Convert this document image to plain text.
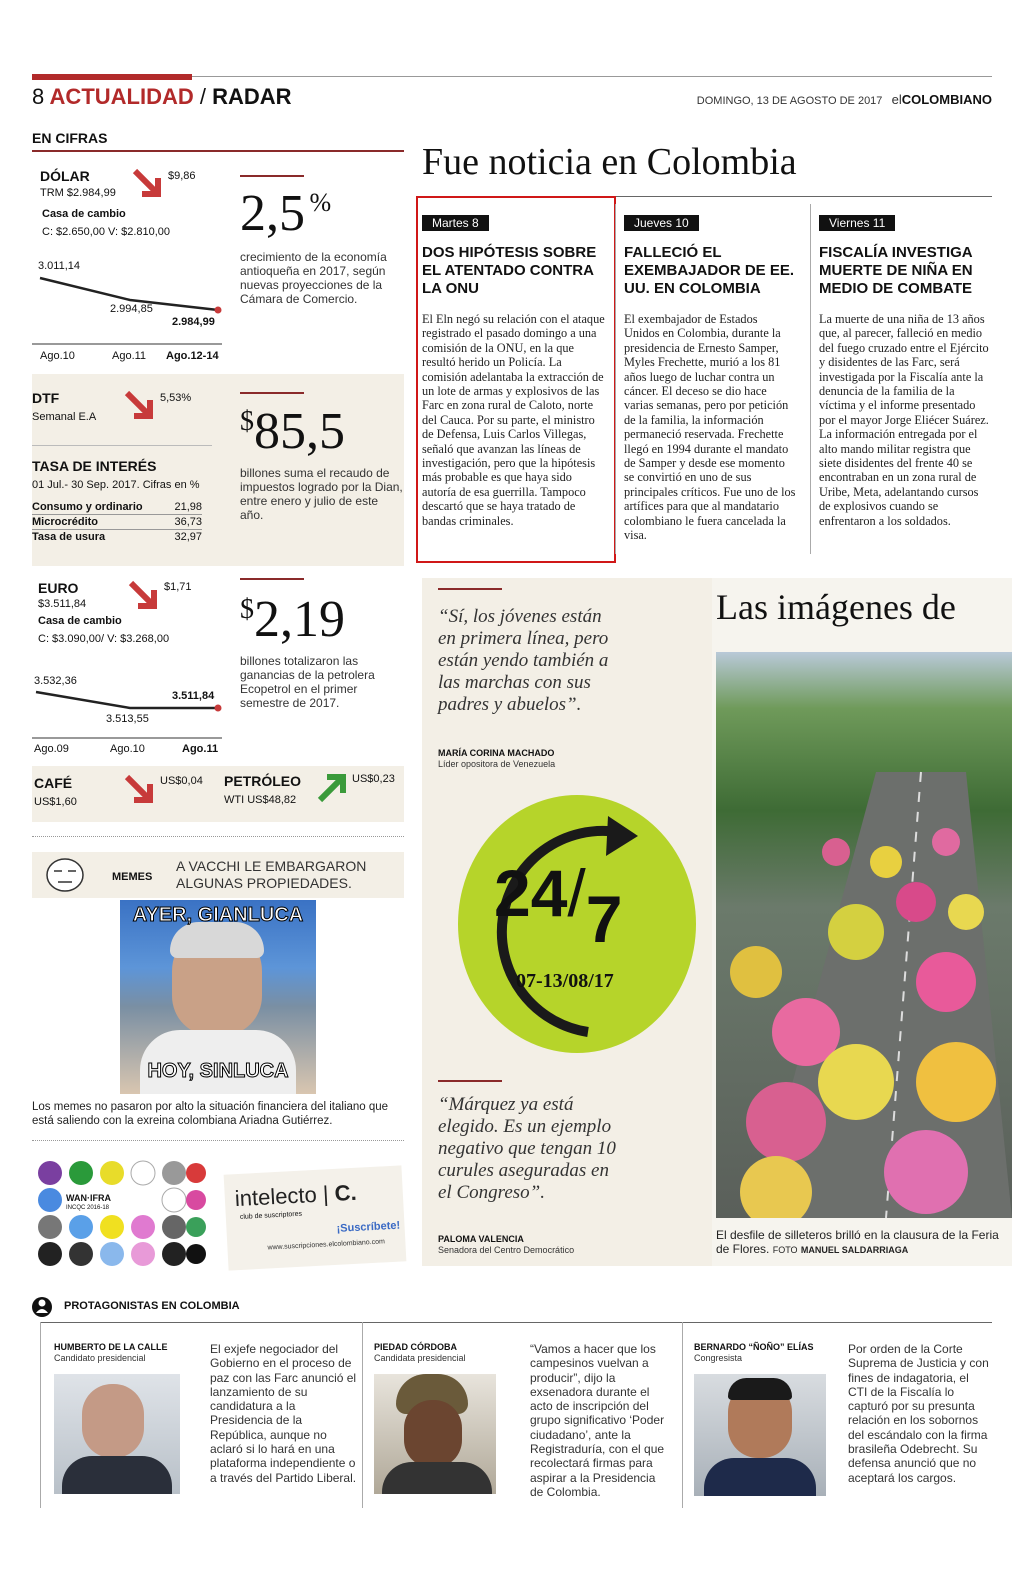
8 ACTUALIDAD / RADAR	DOMINGO, 13 DE AGOSTO DE 2017 elCOLOMBIANO
EN CIFRAS
DÓLAR
TRM $2.984,99
$9,86
Casa de cambio
C: $2.650,00 V: $2.810,00
3.011,14
2.994,85
2.984,99
Ago.10	Ago.11 Ago.12-14
2,5 %
crecimiento de la economía antioqueña en 2017, según nuevas proyecciones de la Cámara de Comercio.
DTF
Semanal E.A
5,53%
TASA DE INTERÉS
01 Jul.- 30 Sep. 2017. Cifras en %
Consumo y ordinario	21,98
Microcrédito	36,73
Tasa de usura	32,97
$85,5
billones suma el recaudo de impuestos logrado por la Dian, entre enero y julio de este año.
EURO
$3.511,84
$1,71
Casa de cambio
C: $3.090,00/ V: $3.268,00
3.532,36
3.513,55
3.511,84
Ago.09	Ago.10	Ago.11
$2,19
billones totalizaron las ganancias de la petrolera Ecopetrol en el primer semestre de 2017.
CAFÉ
US$1,60
US$0,04 PETRÓLEO
WTI US$48,82
US$0,23
MEMES
A VACCHI LE EMBARGARON ALGUNAS PROPIEDADES.
AYER, GIANLUCA
HOY, SINLUCA
Los memes no pasaron por alto la situación financiera del italiano que está saliendo con la exreina colombiana Ariadna Gutiérrez.
WAN·IFRA
INCQC 2016-18	intelecto | C.
club de suscriptores
¡Suscríbete!
www.suscripciones.elcolombiano.com
Fue noticia en Colombia
Martes 8
DOS HIPÓTESIS SOBRE EL ATENTADO CONTRA LA ONU
El Eln negó su relación con el ataque registrado el pasado domingo a una comisión de la ONU, en la que resultó herido un Policía. La comisión adelantaba la extracción de un lote de armas y explosivos de las Farc en zona rural de Caloto, norte del Cauca. Por su parte, el ministro de Defensa, Luis Carlos Villegas, señaló que avanzan las líneas de investigación, pero que la hipótesis más probable es que haya sido autoría de esa guerrilla. Tampoco descartó que se haya tratado de bandas criminales.
Jueves 10
FALLECIÓ EL EXEMBAJADOR DE EE. UU. EN COLOMBIA
El exembajador de Estados Unidos en Colombia, durante la presidencia de Ernesto Samper, Myles Frechette, murió a los 81 años luego de luchar contra un cáncer. El deceso se dio hace varias semanas, pero por petición de la familia, la información permaneció reservada. Frechette llegó en 1994 durante el mandato de Samper y desde ese momento se convirtió en uno de sus principales críticos. Fue uno de los artífices para que al mandatario colombiano le fuera cancelada la visa.
Viernes 11
FISCALÍA INVESTIGA MUERTE DE NIÑA EN MEDIO DE COMBATE
La muerte de una niña de 13 años que, al parecer, falleció en medio del fuego cruzado entre el Ejército y disidentes de las Farc, será investigada por la Fiscalía ante la denuncia de la familia de la víctima y el informe presentado por el mayor Jorge Eliécer Suárez. La información entregada por el alto mando militar registra que siete disidentes del frente 40 se encontraban en un zona rural de Uribe, Meta, adelantando cursos de explosivos cuando se enfrentaron a los soldados.
“Sí, los jóvenes están en primera línea, pero están yendo también a las marchas con sus padres y abuelos”.
MARÍA CORINA MACHADO
Líder opositora de Venezuela
24/7
07-13/08/17
“Márquez ya está elegido. Es un ejemplo negativo que tengan 10 curules aseguradas en el Congreso”.
PALOMA VALENCIA
Senadora del Centro Democrático
Las imágenes de
El desfile de silleteros brilló en la clausura de la Feria de Flores. FOTO MANUEL SALDARRIAGA
PROTAGONISTAS EN COLOMBIA
HUMBERTO DE LA CALLE
Candidato presidencial
El exjefe negociador del Gobierno en el proceso de paz con las Farc anunció el lanzamiento de su candidatura a la Presidencia de la República, aunque no aclaró si lo hará en una plataforma independiente o a través del Partido Liberal.
PIEDAD CÓRDOBA
Candidata presidencial
“Vamos a hacer que los campesinos vuelvan a producir”, dijo la exsenadora durante el acto de inscripción del grupo significativo ‘Poder ciudadano’, ante la Registraduría, con el que recolectará firmas para aspirar a la Presidencia de Colombia.
BERNARDO “ÑOÑO” ELÍAS
Congresista
Por orden de la Corte Suprema de Justicia y con fines de indagatoria, el CTI de la Fiscalía lo capturó por su presunta relación en los sobornos del escándalo con la firma brasileña Odebrecht. Su defensa anunció que no aceptará los cargos.
